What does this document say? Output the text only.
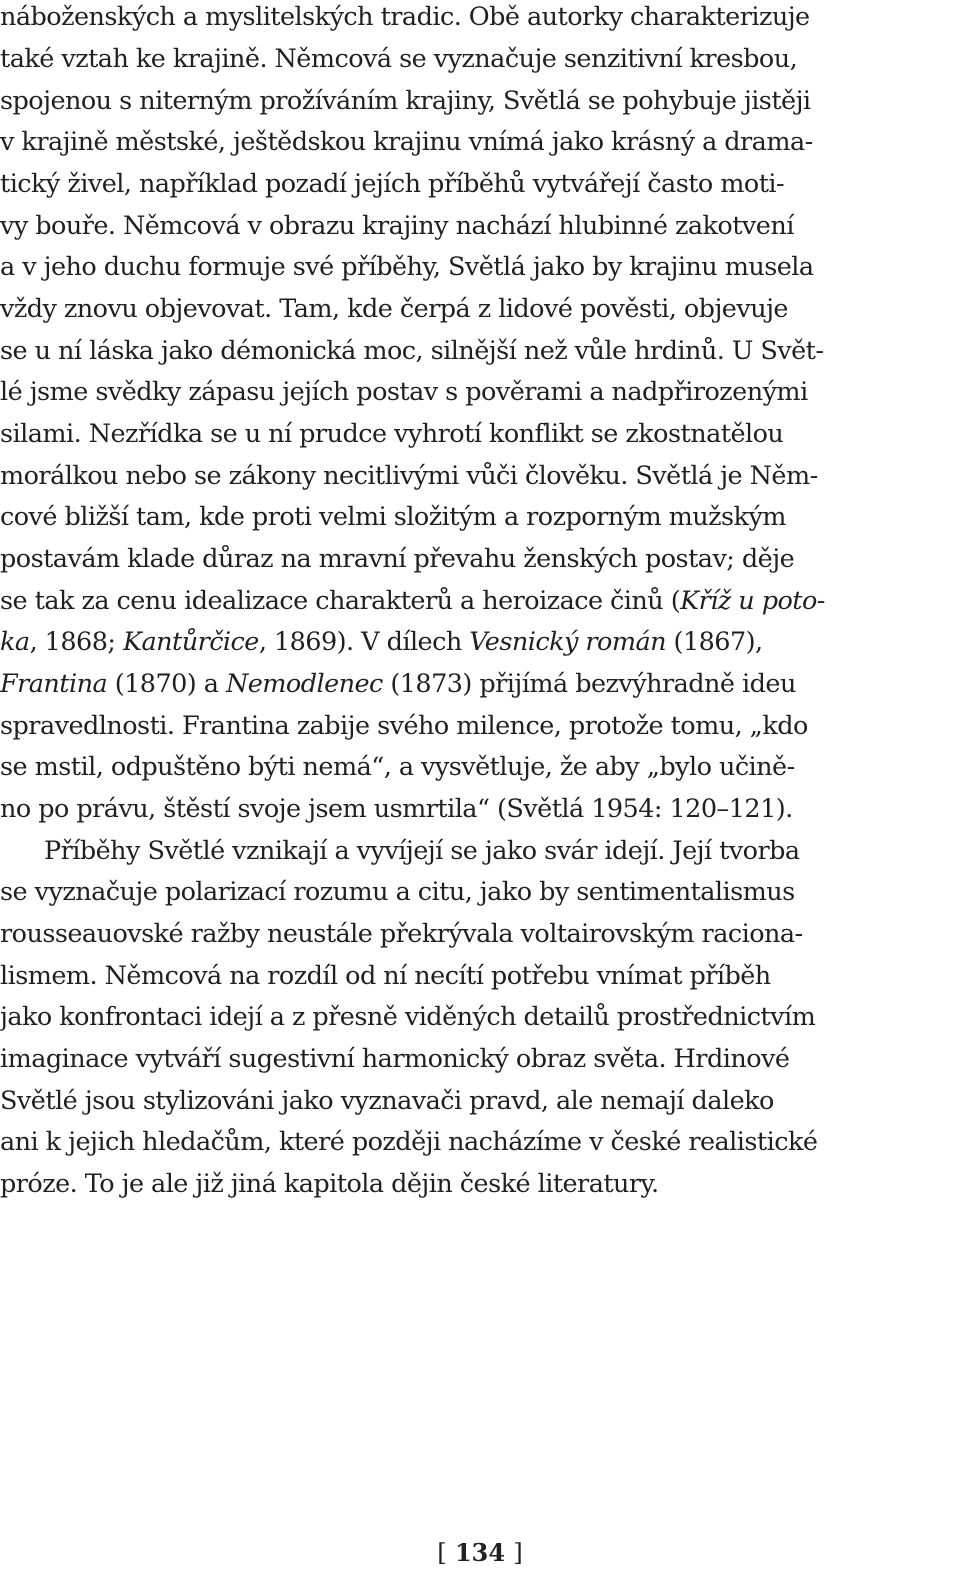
náboženských a myslitelských tradic. Obě autorky charakterizuje
také vztah ke krajině. Němcová se vyznačuje senzitivní kresbou,
spojenou s niterným prožíváním krajiny, Světlá se pohybuje jistěji
v krajině městské, ještědskou krajinu vnímá jako krásný a drama-
tický živel, například pozadí jejích příběhů vytvářejí často moti-
vy bouře. Němcová v obrazu krajiny nachází hlubinné zakotvení
a v jeho duchu formuje své příběhy, Světlá jako by krajinu musela
vždy znovu objevovat. Tam, kde čerpá z lidové pověsti, objevuje
se u ní láska jako démonická moc, silnější než vůle hrdinů. U Svět-
lé jsme svědky zápasu jejích postav s pověrami a nadpřirozenými
silami. Nezřídka se u ní prudce vyhrotí konflikt se zkostnatělou
morálkou nebo se zákony necitlivými vůči člověku. Světlá je Něm-
cové bližší tam, kde proti velmi složitým a rozporným mužským
postavám klade důraz na mravní převahu ženských postav; děje
se tak za cenu idealizace charakterů a heroizace činů (Kříž u poto-
ka, 1868; Kantůrčice, 1869). V dílech Vesnický román (1867),
Frantina (1870) a Nemodlenec (1873) přijímá bezvýhradně ideu
spravedlnosti. Frantina zabije svého milence, protože tomu, „kdo
se mstil, odpuštěno býti nemá“, a vysvětluje, že aby „bylo učině-
no po právu, štěstí svoje jsem usmrtila“ (Světlá 1954: 120–121).
Příběhy Světlé vznikají a vyvíjejí se jako svár idejí. Její tvorba
se vyznačuje polarizací rozumu a citu, jako by sentimentalismus
rousseauovské ražby neustále překrývala voltairovským raciona-
lismem. Němcová na rozdíl od ní necítí potřebu vnímat příběh
jako konfrontaci idejí a z přesně viděných detailů prostřednictvím
imaginace vytváří sugestivní harmonický obraz světa. Hrdinové
Světlé jsou stylizováni jako vyznavači pravd, ale nemají daleko
ani k jejich hledačům, které později nacházíme v české realistické
próze. To je ale již jiná kapitola dějin české literatury.
[ 134 ]
